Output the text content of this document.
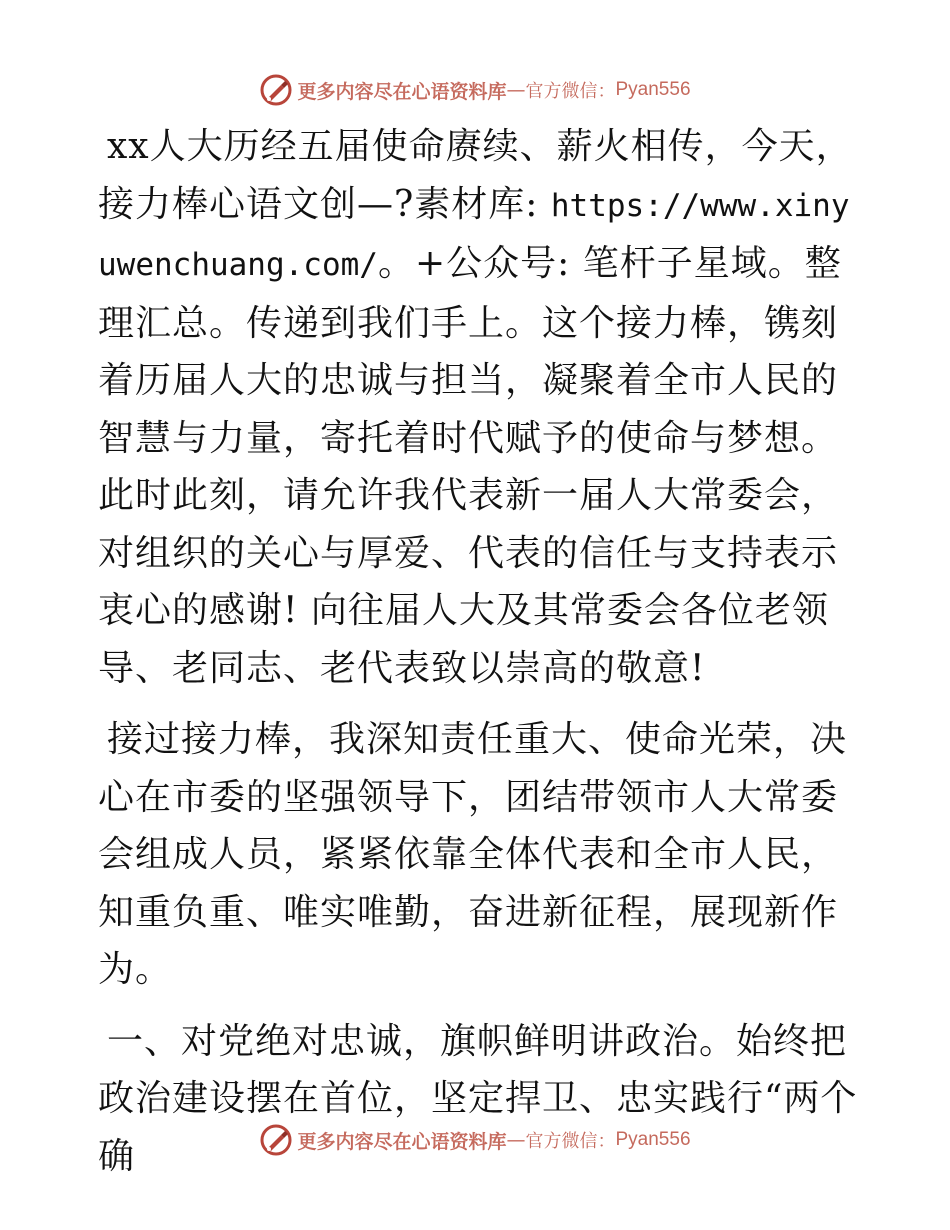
更多内容尽在心语资料库 — 官方微信： Pyan556

xx人大历经五届使命赓续、薪火相传，今天，接力棒心语文创—?素材库: https://www.xinyuwenchuang.com/。+公众号: 笔杆子星域。整理汇总。传递到我们手上。这个接力棒，镌刻着历届人大的忠诚与担当，凝聚着全市人民的智慧与力量，寄托着时代赋予的使命与梦想。此时此刻，请允许我代表新一届人大常委会，对组织的关心与厚爱、代表的信任与支持表示衷心的感谢! 向往届人大及其常委会各位老领导、老同志、老代表致以崇高的敬意!

接过接力棒，我深知责任重大、使命光荣，决心在市委的坚强领导下，团结带领市人大常委会组成人员，紧紧依靠全体代表和全市人民，知重负重、唯实唯勤，奋进新征程，展现新作为。

一、对党绝对忠诚，旗帜鲜明讲政治。始终把政治建设摆在首位，坚定捍卫、忠实践行“两个确	更多内容尽在心语资料库 — 官方微信： Pyan556
